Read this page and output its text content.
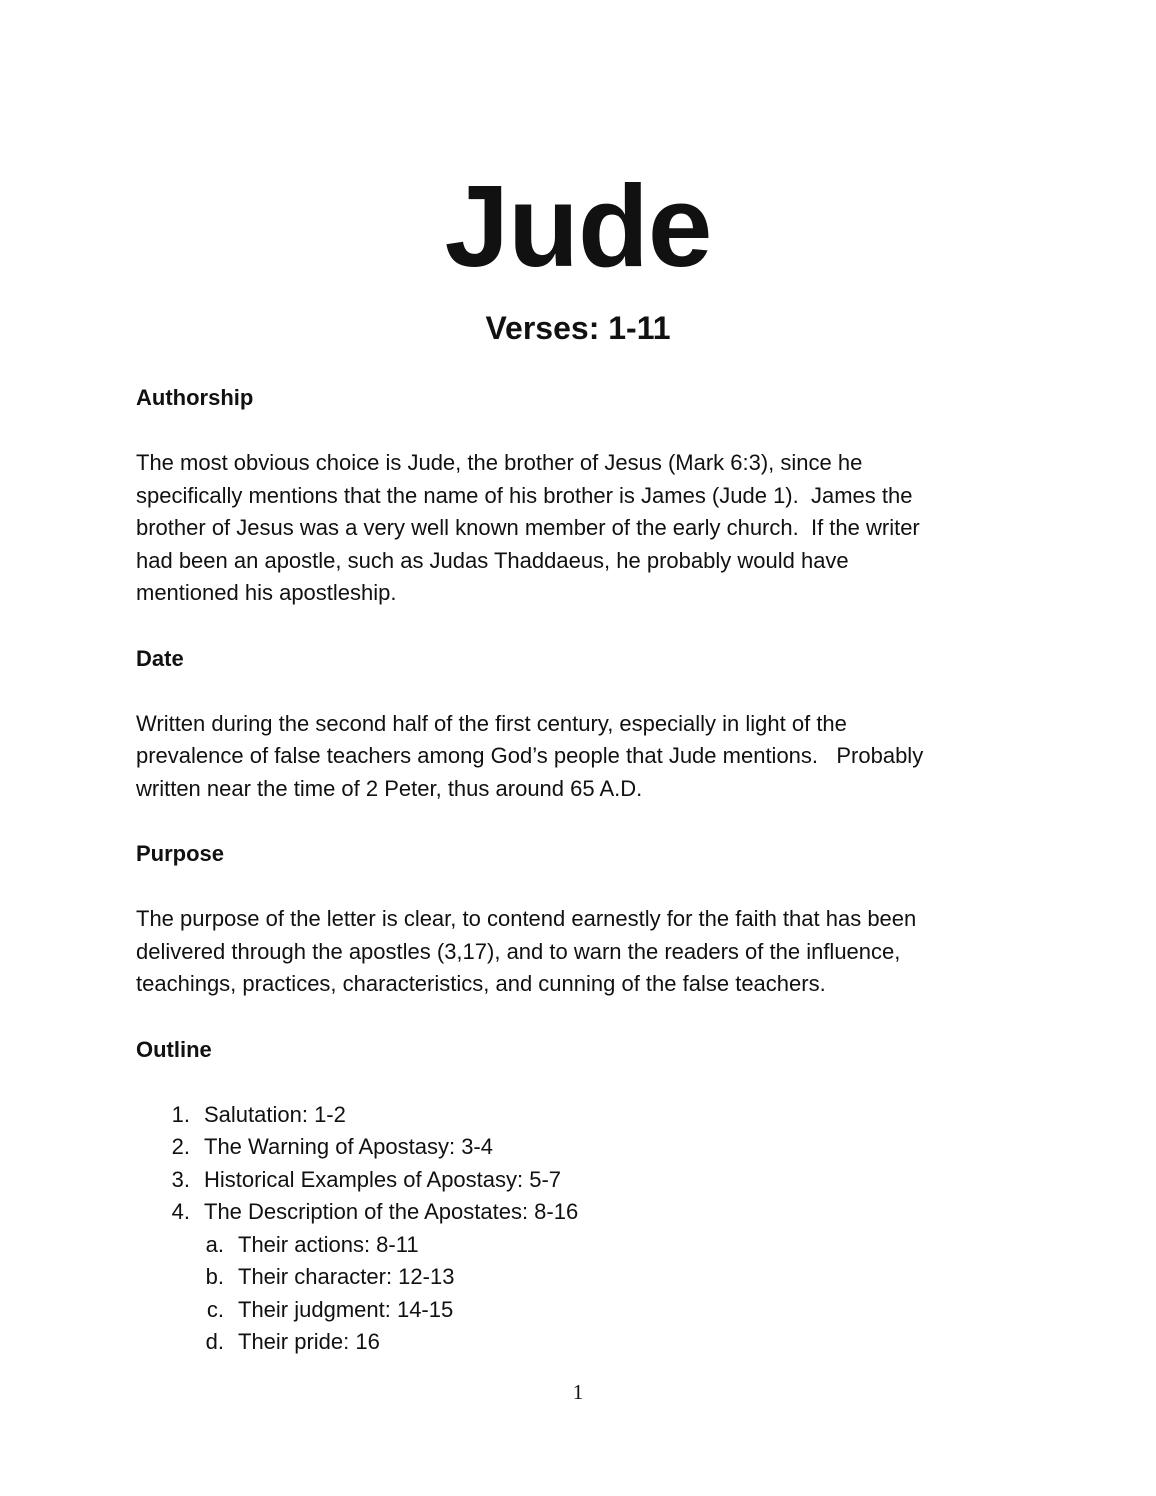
Jude
Verses: 1-11

Authorship

The most obvious choice is Jude, the brother of Jesus (Mark 6:3), since he

specifically mentions that the name of his brother is James (Jude 1).  James the

brother of Jesus was a very well known member of the early church.  If the writer

had been an apostle, such as Judas Thaddaeus, he probably would have

mentioned his apostleship.

Date

Written during the second half of the first century, especially in light of the

prevalence of false teachers among God’s people that Jude mentions.   Probably

written near the time of 2 Peter, thus around 65 A.D.

Purpose

The purpose of the letter is clear, to contend earnestly for the faith that has been

delivered through the apostles (3,17), and to warn the readers of the influence,

teachings, practices, characteristics, and cunning of the false teachers.

Outline

1. Salutation: 1-2
2. The Warning of Apostasy: 3-4
3. Historical Examples of Apostasy: 5-7
4. The Description of the Apostates: 8-16
a. Their actions: 8-11
b. Their character: 12-13
c. Their judgment: 14-15
d. Their pride: 16

1
